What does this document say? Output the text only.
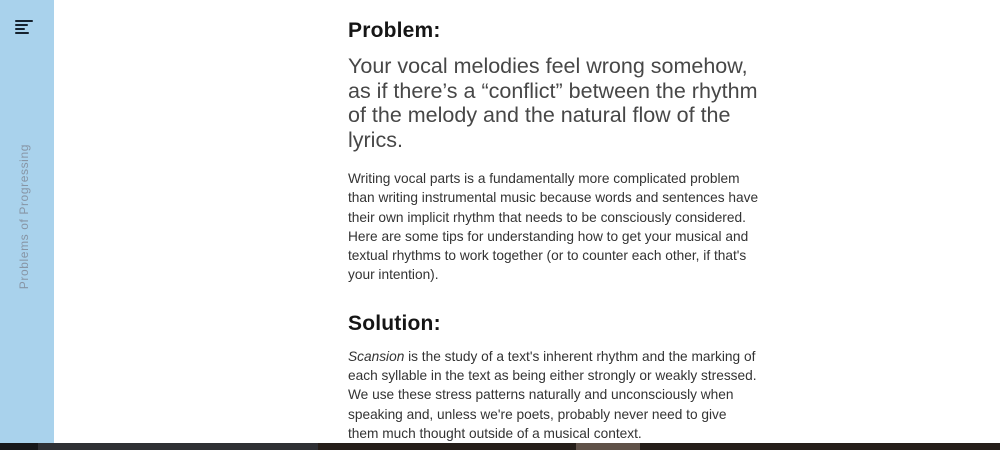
Problems of Progressing
Problem:

Your vocal melodies feel wrong somehow, as if there’s a “conflict” between the rhythm of the melody and the natural flow of the lyrics.

Writing vocal parts is a fundamentally more complicated problem than writing instrumental music because words and sentences have their own implicit rhythm that needs to be consciously considered. Here are some tips for understanding how to get your musical and textual rhythms to work together (or to counter each other, if that's your intention).

Solution:

Scansion is the study of a text's inherent rhythm and the marking of each syllable in the text as being either strongly or weakly stressed. We use these stress patterns naturally and unconsciously when speaking and, unless we're poets, probably never need to give them much thought outside of a musical context.
